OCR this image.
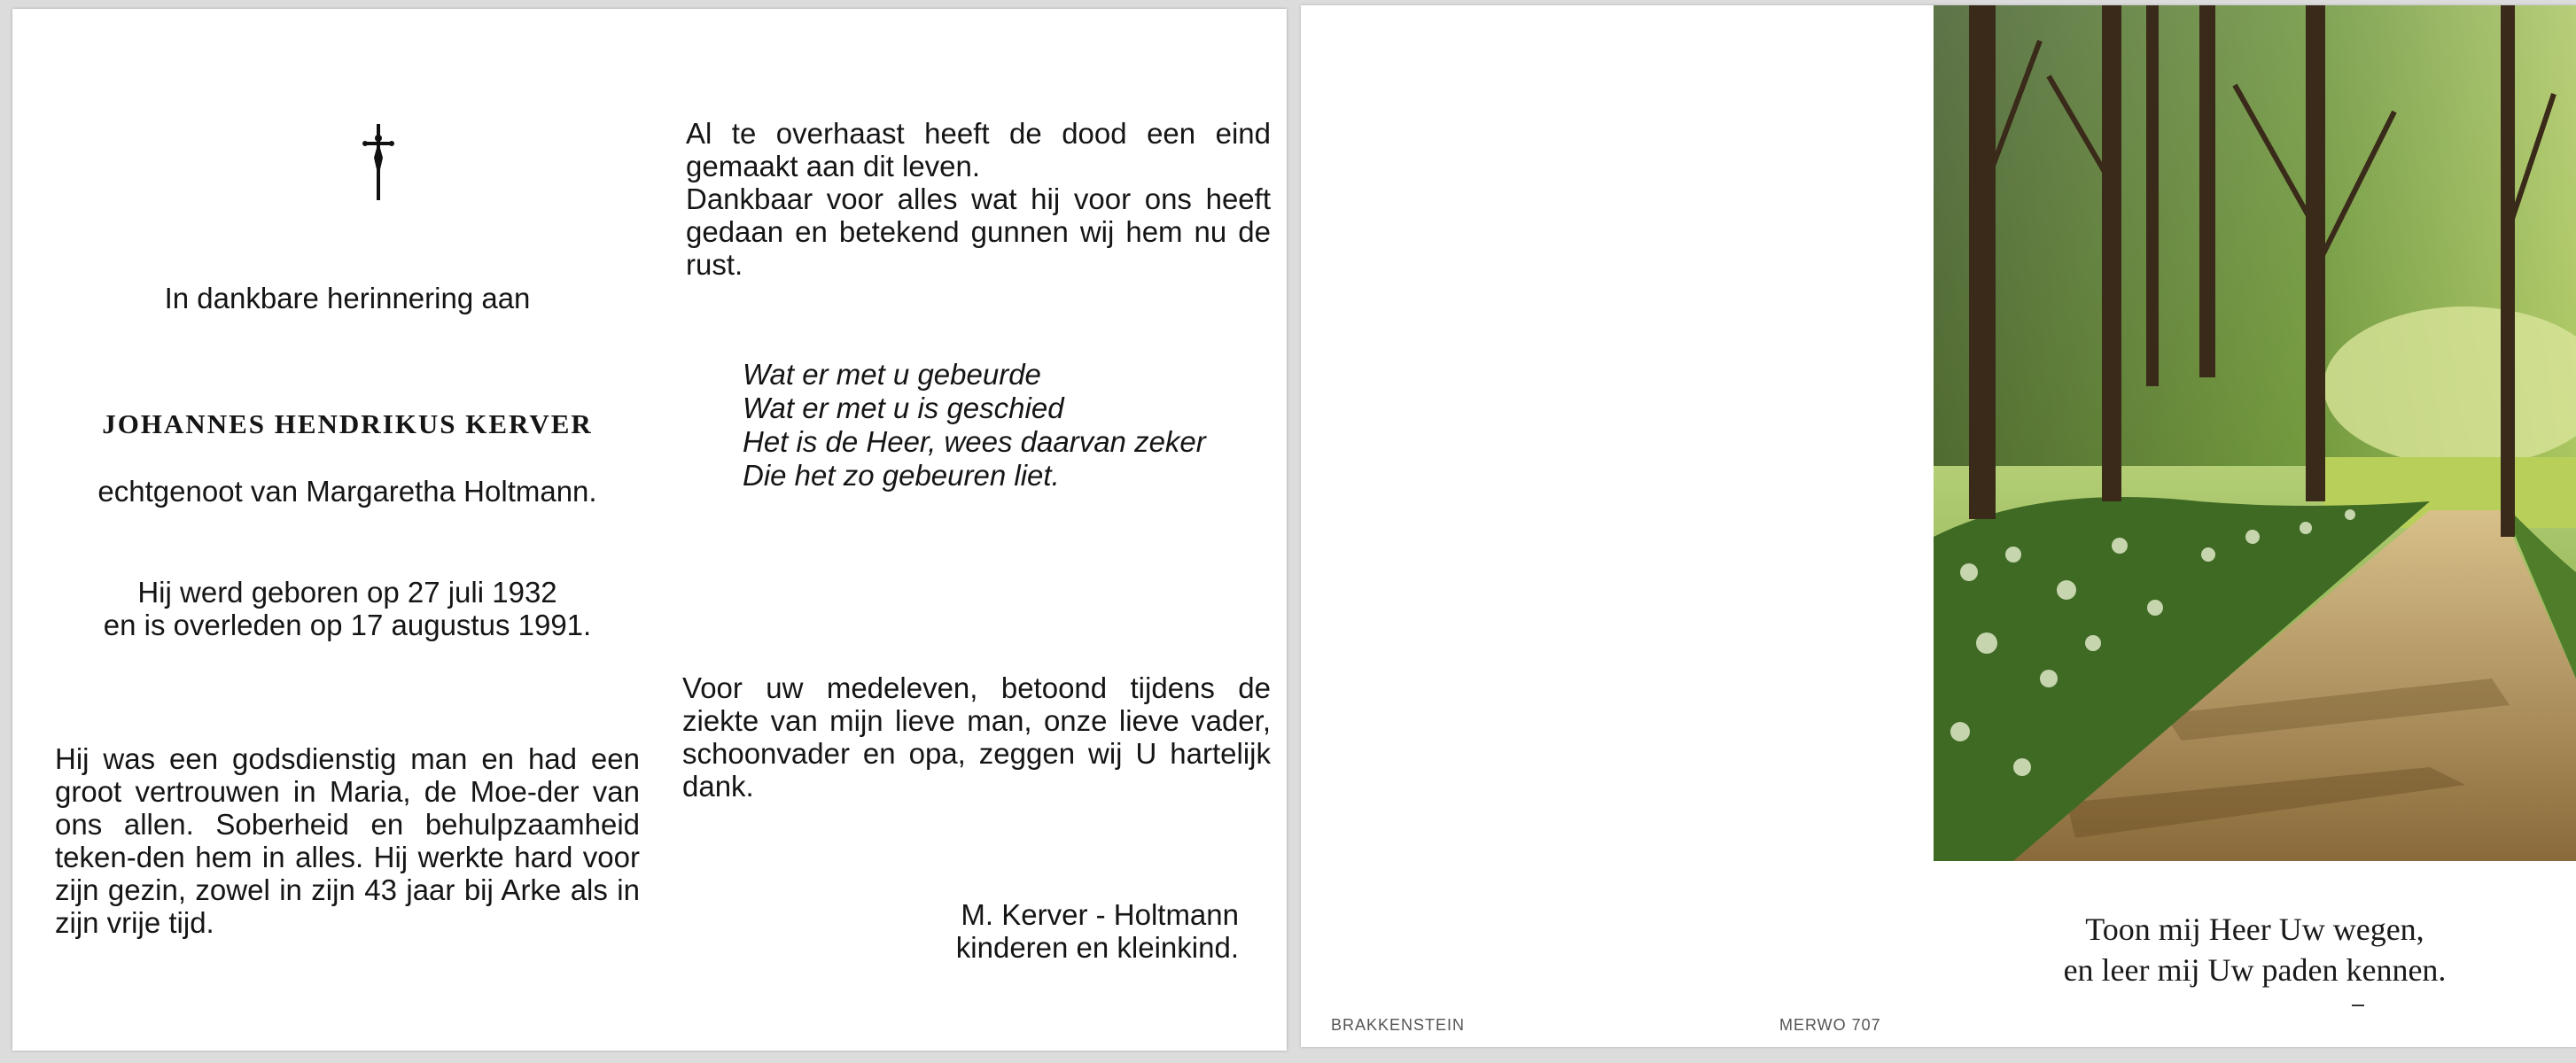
In dankbare herinnering aan

JOHANNES HENDRIKUS KERVER

echtgenoot van Margaretha Holtmann.

Hij werd geboren op 27 juli 1932

en is overleden op 17 augustus 1991.

Hij was een godsdienstig man en had een groot vertrouwen in Maria, de Moe-der van ons allen. Soberheid en behulpzaamheid teken-den hem in alles. Hij werkte hard voor zijn gezin, zowel in zijn 43 jaar bij Arke als in zijn vrije tijd.

Al te overhaast heeft de dood een eind gemaakt aan dit leven.

Dankbaar voor alles wat hij voor ons heeft gedaan en betekend gunnen wij hem nu de rust.

Wat er met u gebeurde

Wat er met u is geschied

Het is de Heer, wees daarvan zeker

Die het zo gebeuren liet.

Voor uw medeleven, betoond tijdens de ziekte van mijn lieve man, onze lieve vader, schoonvader en opa, zeggen wij U hartelijk dank.

M. Kerver - Holtmann

kinderen en kleinkind.

Toon mij Heer Uw wegen,
en leer mij Uw paden kennen.
BRAKKENSTEIN	MERWO 707
